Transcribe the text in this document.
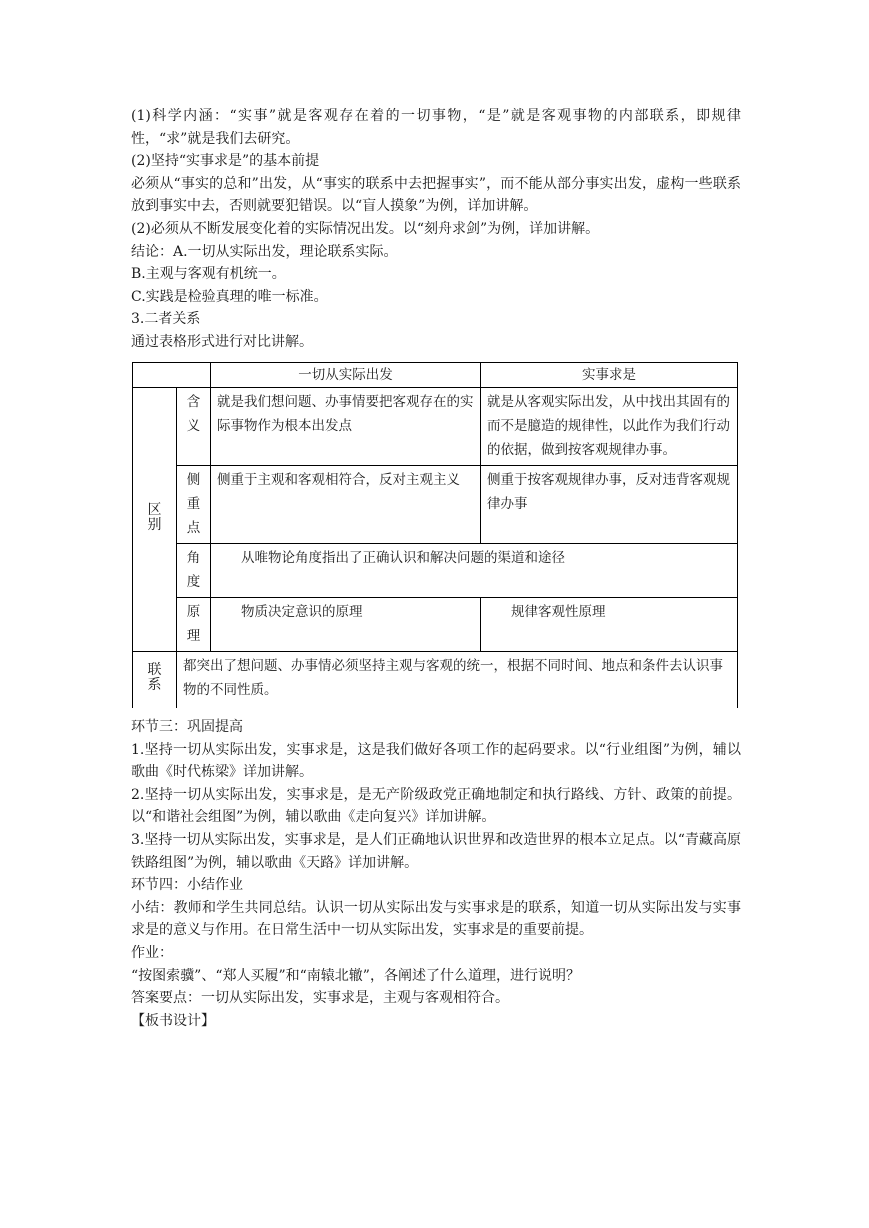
(1)科学内涵：“实事”就是客观存在着的一切事物，“是”就是客观事物的内部联系，即规律性，“求”就是我们去研究。

(2)坚持“实事求是”的基本前提

必须从“事实的总和”出发，从“事实的联系中去把握事实”，而不能从部分事实出发，虚构一些联系放到事实中去，否则就要犯错误。以“盲人摸象”为例，详加讲解。

(2)必须从不断发展变化着的实际情况出发。以“刻舟求剑”为例，详加讲解。

结论：A.一切从实际出发，理论联系实际。

B.主观与客观有机统一。

C.实践是检验真理的唯一标准。

3.二者关系

通过表格形式进行对比讲解。

		一切从实际出发	实事求是

区
别	含
义	就是我们想问题、办事情要把客观存在的实际事物作为根本出发点	就是从客观实际出发，从中找出其固有的而不是臆造的规律性，以此作为我们行动的依据，做到按客观规律办事。

	侧
重
点	侧重于主观和客观相符合，反对主观主义	侧重于按客观规律办事，反对违背客观规律办事

	角
度	从唯物论角度指出了正确认识和解决问题的渠道和途径	

	原
理	物质决定意识的原理	规律客观性原理

联
系	都突出了想问题、办事情必须坚持主观与客观的统一，根据不同时间、地点和条件去认识事物的不同性质。		

环节三：巩固提高

1.坚持一切从实际出发，实事求是，这是我们做好各项工作的起码要求。以“行业组图”为例，辅以歌曲《时代栋梁》详加讲解。

2.坚持一切从实际出发，实事求是，是无产阶级政党正确地制定和执行路线、方针、政策的前提。以“和谐社会组图”为例，辅以歌曲《走向复兴》详加讲解。

3.坚持一切从实际出发，实事求是，是人们正确地认识世界和改造世界的根本立足点。以“青藏高原铁路组图”为例，辅以歌曲《天路》详加讲解。

环节四：小结作业

小结：教师和学生共同总结。认识一切从实际出发与实事求是的联系，知道一切从实际出发与实事求是的意义与作用。在日常生活中一切从实际出发，实事求是的重要前提。

作业：

“按图索骥”、“郑人买履”和“南辕北辙”，各阐述了什么道理，进行说明？

答案要点：一切从实际出发，实事求是，主观与客观相符合。

【板书设计】
